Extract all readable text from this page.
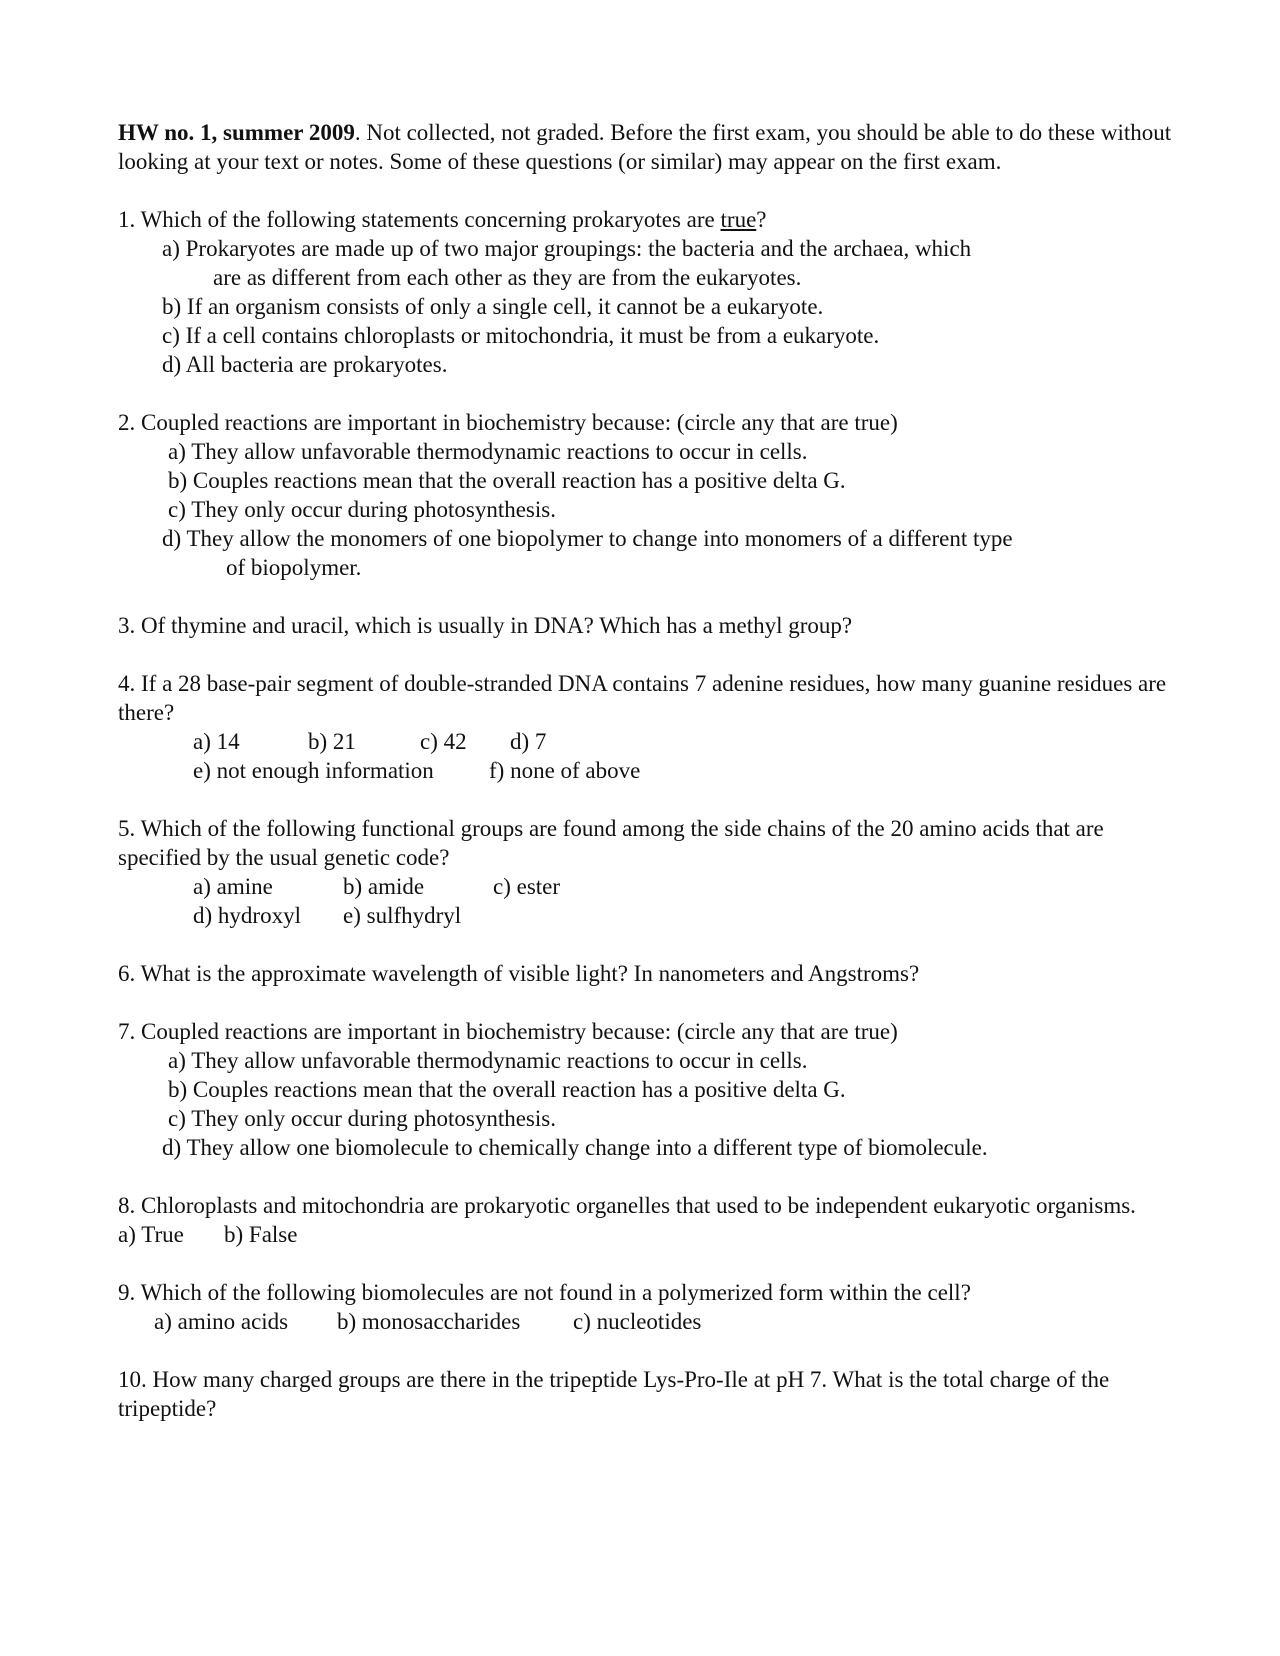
HW no. 1, summer 2009. Not collected, not graded. Before the first exam, you should be able to do these without looking at your text or notes. Some of these questions (or similar) may appear on the first exam.

1. Which of the following statements concerning prokaryotes are true?

a) Prokaryotes are made up of two major groupings: the bacteria and the archaea, which

are as different from each other as they are from the eukaryotes.

b) If an organism consists of only a single cell, it cannot be a eukaryote.

c) If a cell contains chloroplasts or mitochondria, it must be from a eukaryote.

d) All bacteria are prokaryotes.

2. Coupled reactions are important in biochemistry because: (circle any that are true)

a) They allow unfavorable thermodynamic reactions to occur in cells.

b) Couples reactions mean that the overall reaction has a positive delta G.

c) They only occur during photosynthesis.

d) They allow the monomers of one biopolymer to change into monomers of a different type

of biopolymer.

3. Of thymine and uracil, which is usually in DNA? Which has a methyl group?

4. If a 28 base-pair segment of double-stranded DNA contains 7 adenine residues, how many guanine residues are there?

a) 14	b) 21	c) 42 d) 7

e) not enough information f) none of above

5. Which of the following functional groups are found among the side chains of the 20 amino acids that are specified by the usual genetic code?

a) amine	b) amide	c) ester

d) hydroxyl e) sulfhydryl

6. What is the approximate wavelength of visible light? In nanometers and Angstroms?

7. Coupled reactions are important in biochemistry because: (circle any that are true)

a) They allow unfavorable thermodynamic reactions to occur in cells.

b) Couples reactions mean that the overall reaction has a positive delta G.

c) They only occur during photosynthesis.

d) They allow one biomolecule to chemically change into a different type of biomolecule.

8. Chloroplasts and mitochondria are prokaryotic organelles that used to be independent eukaryotic organisms.    a) True b) False

9. Which of the following biomolecules are not found in a polymerized form within the cell?

a) amino acids b) monosaccharides c) nucleotides

10. How many charged groups are there in the tripeptide Lys-Pro-Ile at pH 7. What is the total charge of the tripeptide?
